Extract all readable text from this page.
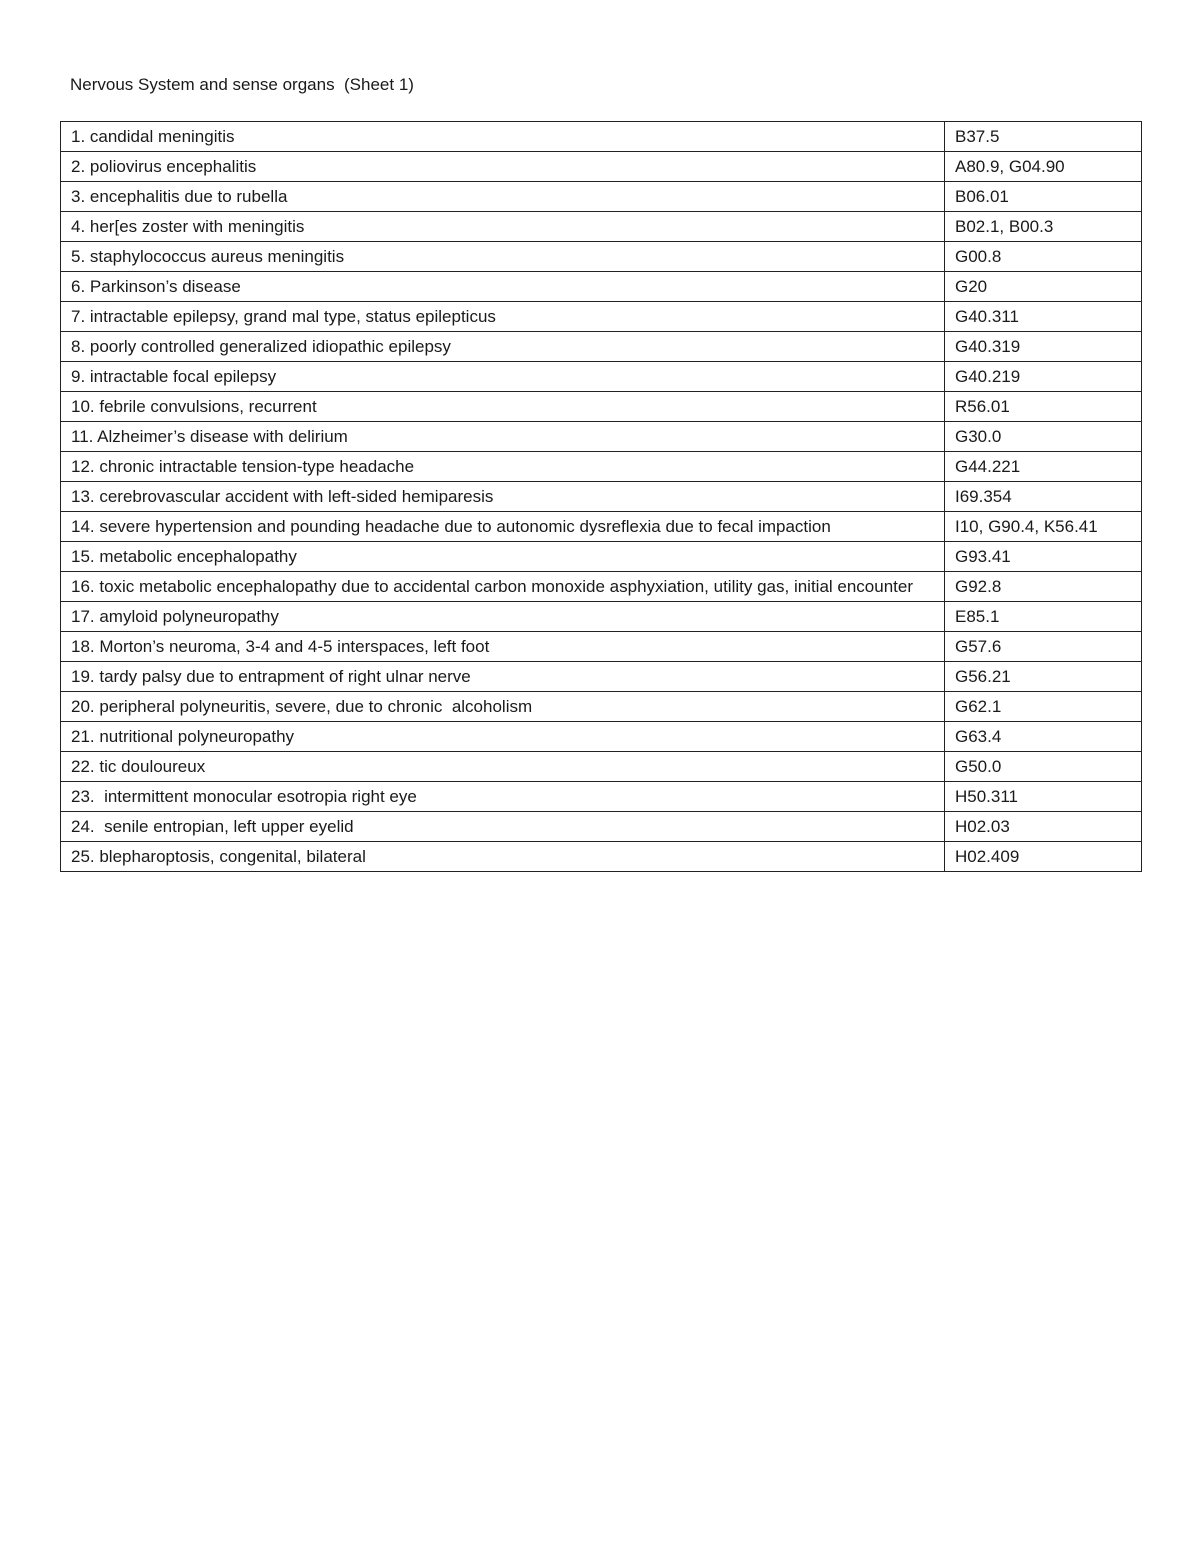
Nervous System and sense organs  (Sheet 1)
1. candidal meningitis	B37.5
2. poliovirus encephalitis	A80.9, G04.90
3. encephalitis due to rubella	B06.01
4. her[es zoster with meningitis	B02.1, B00.3
5. staphylococcus aureus meningitis	G00.8
6. Parkinson’s disease	G20
7. intractable epilepsy, grand mal type, status epilepticus	G40.311
8. poorly controlled generalized idiopathic epilepsy	G40.319
9. intractable focal epilepsy	G40.219
10. febrile convulsions, recurrent	R56.01
11. Alzheimer’s disease with delirium	G30.0
12. chronic intractable tension-type headache	G44.221
13. cerebrovascular accident with left-sided hemiparesis	I69.354
14. severe hypertension and pounding headache due to autonomic dysreflexia due to fecal impaction	I10, G90.4, K56.41
15. metabolic encephalopathy	G93.41
16. toxic metabolic encephalopathy due to accidental carbon monoxide asphyxiation, utility gas, initial encounter	G92.8
17. amyloid polyneuropathy	E85.1
18. Morton’s neuroma, 3-4 and 4-5 interspaces, left foot	G57.6
19. tardy palsy due to entrapment of right ulnar nerve	G56.21
20. peripheral polyneuritis, severe, due to chronic  alcoholism	G62.1
21. nutritional polyneuropathy	G63.4
22. tic douloureux	G50.0
23.  intermittent monocular esotropia right eye	H50.311
24.  senile entropian, left upper eyelid	H02.03
25. blepharoptosis, congenital, bilateral	H02.409
